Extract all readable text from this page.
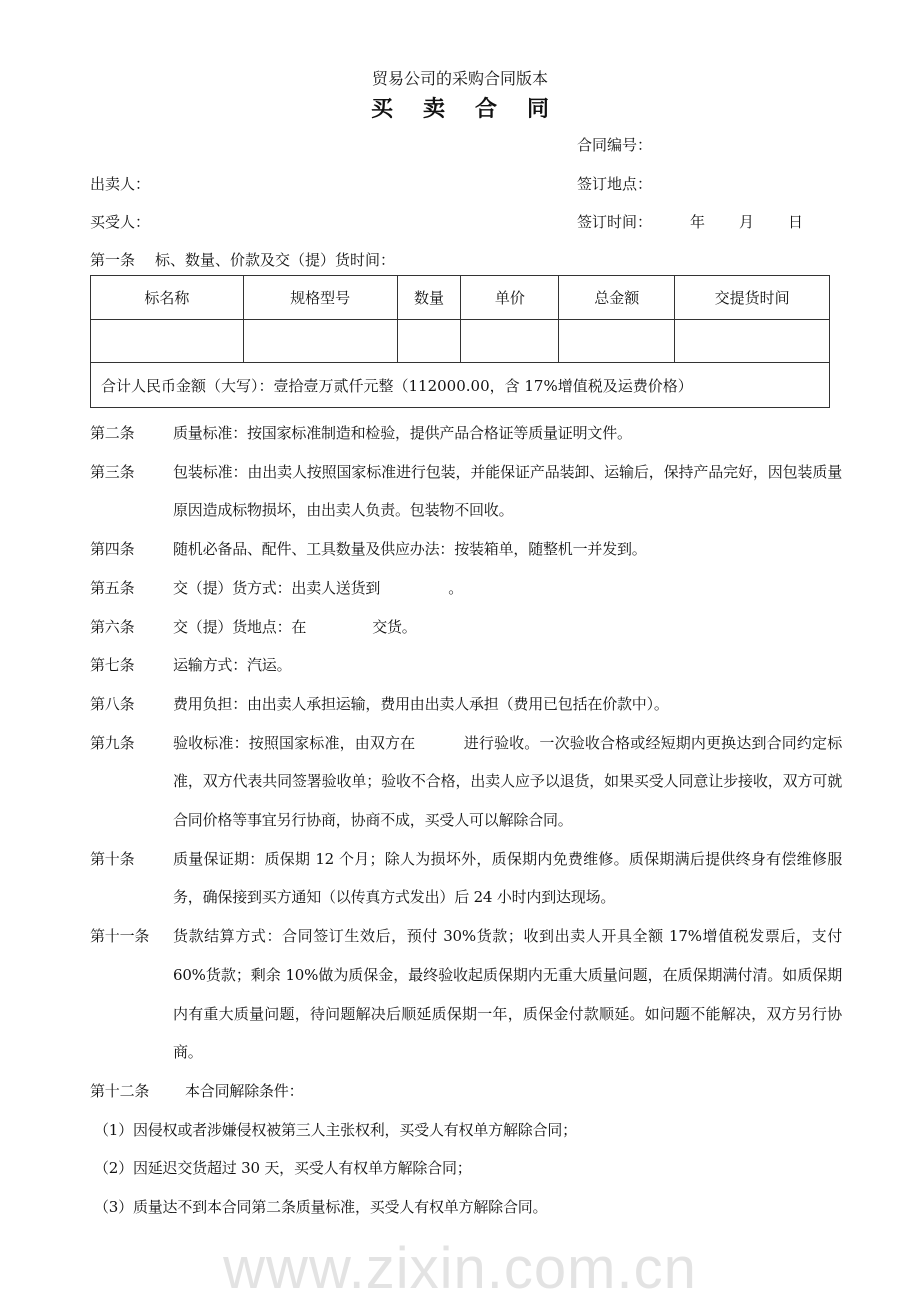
贸易公司的采购合同版本
买卖合同
合同编号：
出卖人：	签订地点：
买受人：	签订时间：	年 月 日
第一条 标、数量、价款及交（提）货时间：
标名称	规格型号	数量	单价	总金额	交提货时间

合计人民币金额（大写）：壹拾壹万贰仟元整（112000.00，含 17%增值税及运费价格）					
第二条	质量标准：按国家标准制造和检验，提供产品合格证等质量证明文件。
第三条	包装标准：由出卖人按照国家标准进行包装，并能保证产品装卸、运输后，保持产品完好，因包装质量原因造成标物损坏，由出卖人负责。包装物不回收。
第四条	随机必备品、配件、工具数量及供应办法：按装箱单，随整机一并发到。
第五条	交（提）货方式：出卖人送货到	。
第六条	交（提）货地点：在	交货。
第七条	运输方式：汽运。
第八条	费用负担：由出卖人承担运输，费用由出卖人承担（费用已包括在价款中）。
第九条	验收标准：按照国家标准，由双方在	进行验收。一次验收合格或经短期内更换达到合同约定标准，双方代表共同签署验收单；验收不合格，出卖人应予以退货，如果买受人同意让步接收，双方可就合同价格等事宜另行协商，协商不成，买受人可以解除合同。
第十条	质量保证期：质保期 12 个月；除人为损坏外，质保期内免费维修。质保期满后提供终身有偿维修服务，确保接到买方通知（以传真方式发出）后 24 小时内到达现场。
第十一条	货款结算方式：合同签订生效后，预付 30%货款；收到出卖人开具全额 17%增值税发票后，支付 60%货款；剩余 10%做为质保金，最终验收起质保期内无重大质量问题，在质保期满付清。如质保期内有重大质量问题，待问题解决后顺延质保期一年，质保金付款顺延。如问题不能解决，双方另行协商。
第十二条	本合同解除条件：
（1）因侵权或者涉嫌侵权被第三人主张权利，买受人有权单方解除合同；
（2）因延迟交货超过 30 天，买受人有权单方解除合同；
（3）质量达不到本合同第二条质量标准，买受人有权单方解除合同。
www.zixin.com.cn
